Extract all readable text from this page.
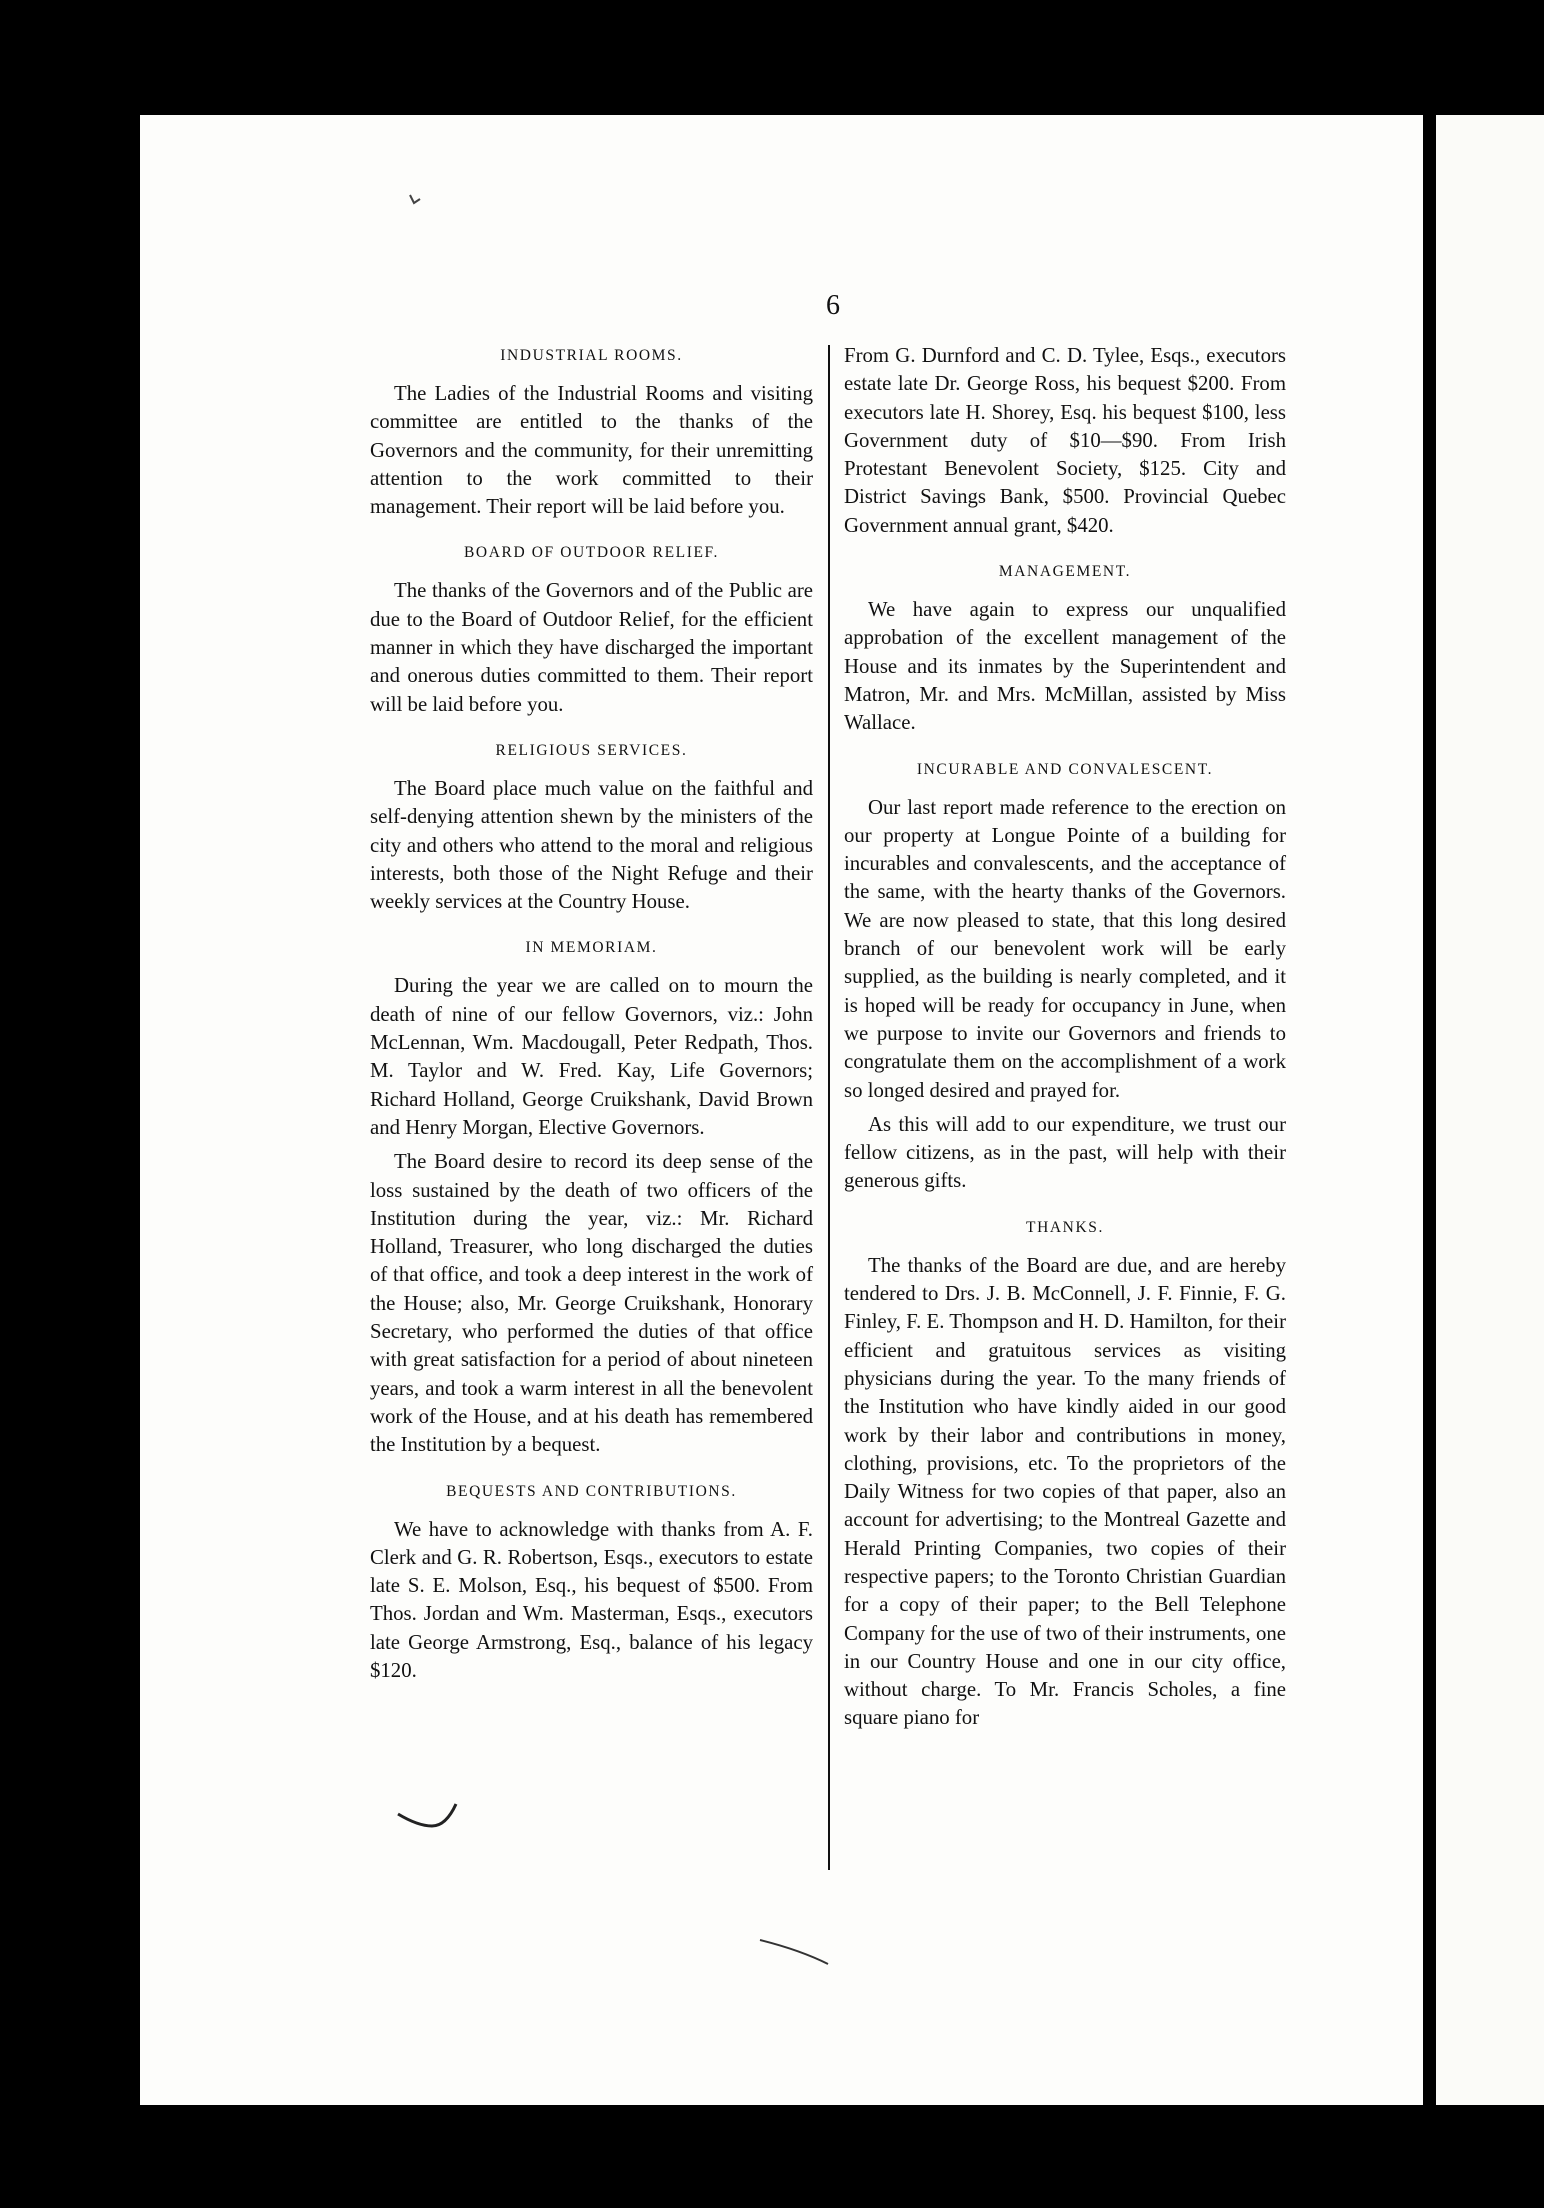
6

INDUSTRIAL ROOMS.

The Ladies of the Industrial Rooms and visiting committee are entitled to the thanks of the Governors and the community, for their unremitting attention to the work committed to their management. Their report will be laid before you.

BOARD OF OUTDOOR RELIEF.

The thanks of the Governors and of the Public are due to the Board of Outdoor Relief, for the efficient manner in which they have discharged the important and onerous duties committed to them. Their report will be laid before you.

RELIGIOUS SERVICES.

The Board place much value on the faithful and self-denying attention shewn by the ministers of the city and others who attend to the moral and religious interests, both those of the Night Refuge and their weekly services at the Country House.

IN MEMORIAM.

During the year we are called on to mourn the death of nine of our fellow Governors, viz.: John McLennan, Wm. Macdougall, Peter Redpath, Thos. M. Taylor and W. Fred. Kay, Life Governors; Richard Holland, George Cruikshank, David Brown and Henry Morgan, Elective Governors.

The Board desire to record its deep sense of the loss sustained by the death of two officers of the Institution during the year, viz.: Mr. Richard Holland, Treasurer, who long discharged the duties of that office, and took a deep interest in the work of the House; also, Mr. George Cruikshank, Honorary Secretary, who performed the duties of that office with great satisfaction for a period of about nineteen years, and took a warm interest in all the benevolent work of the House, and at his death has remembered the Institution by a bequest.

BEQUESTS AND CONTRIBUTIONS.

We have to acknowledge with thanks from A. F. Clerk and G. R. Robertson, Esqs., executors to estate late S. E. Molson, Esq., his bequest of $500. From Thos. Jordan and Wm. Masterman, Esqs., executors late George Armstrong, Esq., balance of his legacy $120.

From G. Durnford and C. D. Tylee, Esqs., executors estate late Dr. George Ross, his bequest $200. From executors late H. Shorey, Esq. his bequest $100, less Government duty of $10—$90. From Irish Protestant Benevolent Society, $125. City and District Savings Bank, $500. Provincial Quebec Government annual grant, $420.

MANAGEMENT.

We have again to express our unqualified approbation of the excellent management of the House and its inmates by the Superintendent and Matron, Mr. and Mrs. McMillan, assisted by Miss Wallace.

INCURABLE AND CONVALESCENT.

Our last report made reference to the erection on our property at Longue Pointe of a building for incurables and convalescents, and the acceptance of the same, with the hearty thanks of the Governors. We are now pleased to state, that this long desired branch of our benevolent work will be early supplied, as the building is nearly completed, and it is hoped will be ready for occupancy in June, when we purpose to invite our Governors and friends to congratulate them on the accomplishment of a work so longed desired and prayed for.

As this will add to our expenditure, we trust our fellow citizens, as in the past, will help with their generous gifts.

THANKS.

The thanks of the Board are due, and are hereby tendered to Drs. J. B. McConnell, J. F. Finnie, F. G. Finley, F. E. Thompson and H. D. Hamilton, for their efficient and gratuitous services as visiting physicians during the year. To the many friends of the Institution who have kindly aided in our good work by their labor and contributions in money, clothing, provisions, etc. To the proprietors of the Daily Witness for two copies of that paper, also an account for advertising; to the Montreal Gazette and Herald Printing Companies, two copies of their respective papers; to the Toronto Christian Guardian for a copy of their paper; to the Bell Telephone Company for the use of two of their instruments, one in our Country House and one in our city office, without charge. To Mr. Francis Scholes, a fine square piano for
